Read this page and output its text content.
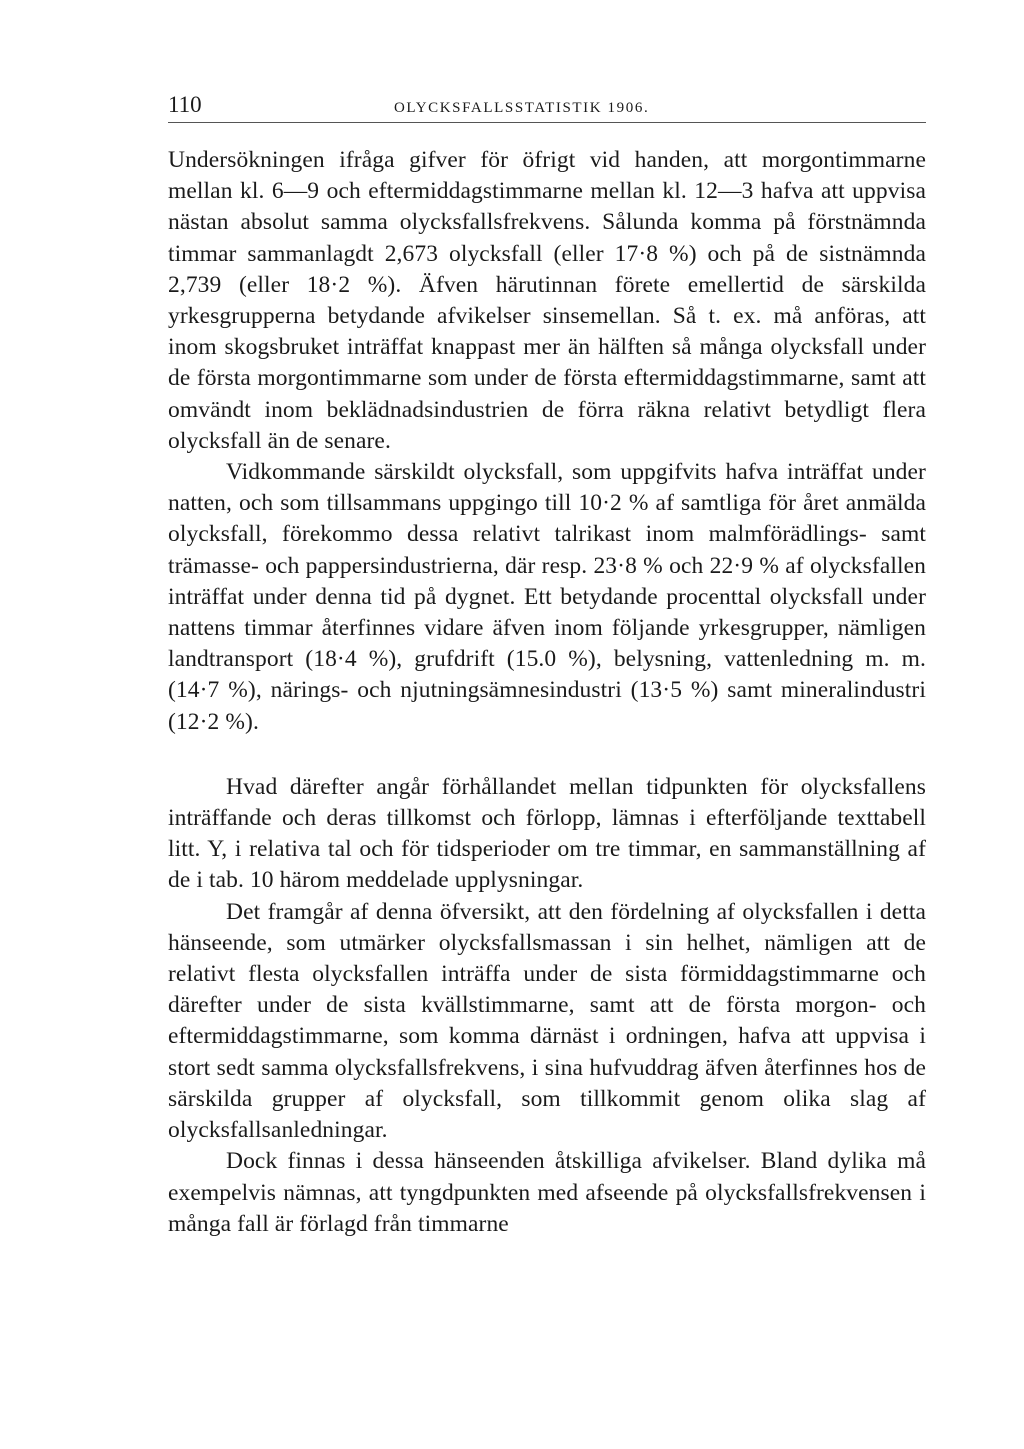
110	OLYCKSFALLSSTATISTIK 1906.

Undersökningen ifråga gifver för öfrigt vid handen, att morgontimmarne mellan kl. 6—9 och eftermiddagstimmarne mellan kl. 12—3 hafva att uppvisa nästan absolut samma olycksfallsfrekvens. Sålunda komma på förstnämnda timmar sammanlagdt 2,673 olycksfall (eller 17·8 %) och på de sistnämnda 2,739 (eller 18·2 %). Äfven härutinnan förete emellertid de särskilda yrkesgrupperna betydande afvikelser sinsemellan. Så t. ex. må anföras, att inom skogsbruket inträffat knappast mer än hälften så många olycksfall under de första morgontimmarne som under de första eftermiddagstimmarne, samt att omvändt inom beklädnadsindustrien de förra räkna relativt betydligt flera olycksfall än de senare.

Vidkommande särskildt olycksfall, som uppgifvits hafva inträffat under natten, och som tillsammans uppgingo till 10·2 % af samtliga för året anmälda olycksfall, förekommo dessa relativt talrikast inom malmförädlings- samt trämasse- och pappersindustrierna, där resp. 23·8 % och 22·9 % af olycksfallen inträffat under denna tid på dygnet. Ett betydande procenttal olycksfall under nattens timmar återfinnes vidare äfven inom följande yrkesgrupper, nämligen landtransport (18·4 %), grufdrift (15.0 %), belysning, vattenledning m. m. (14·7 %), närings- och njutningsämnesindustri (13·5 %) samt mineralindustri (12·2 %).

Hvad därefter angår förhållandet mellan tidpunkten för olycksfallens inträffande och deras tillkomst och förlopp, lämnas i efterföljande texttabell litt. Y, i relativa tal och för tidsperioder om tre timmar, en sammanställning af de i tab. 10 härom meddelade upplysningar.

Det framgår af denna öfversikt, att den fördelning af olycksfallen i detta hänseende, som utmärker olycksfallsmassan i sin helhet, nämligen att de relativt flesta olycksfallen inträffa under de sista förmiddagstimmarne och därefter under de sista kvällstimmarne, samt att de första morgon- och eftermiddagstimmarne, som komma därnäst i ordningen, hafva att uppvisa i stort sedt samma olycksfallsfrekvens, i sina hufvuddrag äfven återfinnes hos de särskilda grupper af olycksfall, som tillkommit genom olika slag af olycksfallsanledningar.

Dock finnas i dessa hänseenden åtskilliga afvikelser. Bland dylika må exempelvis nämnas, att tyngdpunkten med afseende på olycksfallsfrekvensen i många fall är förlagd från timmarne
